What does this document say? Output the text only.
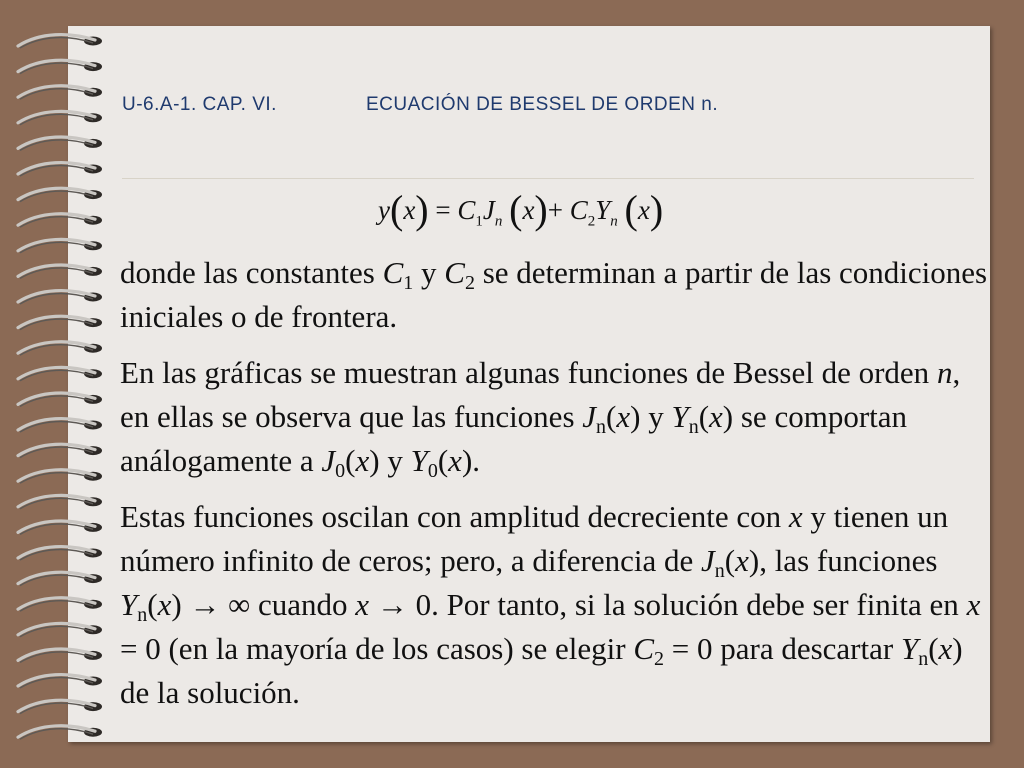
U-6.A-1. CAP. VI.	ECUACIÓN DE BESSEL DE ORDEN n.
$y(x) = C_1J_n$ $(x)+ C_2Y_n$ (x)

donde las constantes $C_1$ y $C_2$ se determinan a partir de las condiciones iniciales o de frontera.

En las gráficas se muestran algunas funciones de Bessel de orden n, en ellas se observa que las funciones $J_n(x)$ y $Y_n(x)$ se comportan análogamente a $J_0(x)$ y $Y_0(x)$.

Estas funciones oscilan con amplitud decreciente con x y tienen un número infinito de ceros; pero, a diferencia de $J_n(x)$, las funciones $Y_n(x)$ → ∞ cuando x → 0. Por tanto, si la solución debe ser finita en x = 0 (en la mayoría de los casos) se elegir $C_2 = 0$ para descartar $Y_n(x)$ de la solución.
